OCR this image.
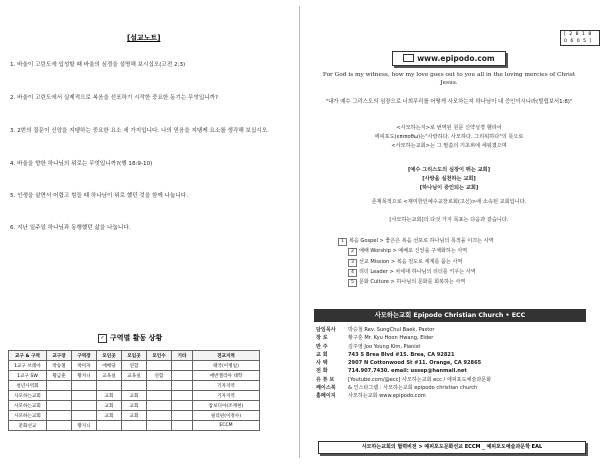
[설교노트]
1. 바울이 고린도에 입성할 때 바울의 심정을 설명해 보시십오(고전 2:3)
2. 바울이 고린도에서 실제적으로 복음을 선포하기 시작한 중요한 동기는 무엇입니까?
3. 2번의 질문이 신앙을 지탱하는 중요한 요소 세 가지입니다. 나의 믿음을 지탱케 요소를 생각해 보십시오.
4. 바울을 향한 하나님의 위로는 무엇입니까?(행 18:9-10)
5. 인생을 살면서 어렵고 힘들 때 하나님이 위로 했던 것을 함께 나눕니다.
6. 지난 일주일 하나님과 동행했던 삶을 나눕니다.
✓ 구역별 활동 상황
교구 & 구역	교구장	구역장	모인곳	모임곳	모인수	기타	전교지역
1교구 브레아	박승철	박미자	에베당	연합			태국(이병일)
1교구 SW	황금훈	황지니	교육실	교육실	연합		에반젤리아 대학
청년사역회							기자지역
사모하는교회			교회	교회			기자지역
사모하는교회			교회	교회			캄보디아(조재현)
사모하는교회			교회	교회			필리핀(이정수)
문화선교		황지니					ECCM
[ 2 8 1 8 0 6 0 5 ]
www.epipodo.com
For God is my witness, how my love goes out to you all in the loving mercies of Christ Jesus.
"내가 예수 그리스도의 심장으로 너희무리를 어떻게 사모하는지 하나님이 내 증인이시니라(빌립보서1:8)"
<사모하는지>로 번역된 원문 신약성경 헬라어
에피포도(επιποθω)는"사랑하다. 사모하다. 그리워하다"의 뜻으로
<사모하는교회>는 그 말씀의 기초위에 세워졌으며
[예수 그리스도의 심장이 뛰는 교회]
[사랑을 실천하는 교회]
[하나님이 증인되는 교회]
존재목적으로 <재미한인예수교장로회(고신)>에 소속된 교회입니다.
[사모하는교회]의 다섯 가지 목표는 다음과 같습니다.
1 복음 Gospel > 좋은은 복음 선포로 하나님의 목적을 이끄는 사역
2 예배 Worship > 예배로 신앙을 구체화하는 사역
3 선교 Mission > 복음 전도로 세계를 품는 사역
4 리더 Leader > 차세대 하나님의 리더를 키우는 사역
5 문화 Culture > 하나님의 문화를 회복하는 사역
사모하는교회 Epipodo Christian Church • ECC
담임목사 박승철 Rev. SungChul Baek, Pastor
장 로	황구훈 Mr. Kyu Hoon Hwang, Elder
반 주	김주영 Joo Young Kim, Pianist
교 회	743 S Brea Blvd #15. Brea, CA 92821
사 택	2907 N Cottonwood St #11. Orange, CA 92865
전 화	714.907.7430. email: ussep@hanmail.net
유 튜 브	[Youtube.com/@ecc] 사모하는교회 ecc / 에피포도예술과문화
페이스북 & 인스타그램 : 사모하는교회 epipodo christian church
홈페이지 사모하는교회 www.epipodo.com
사모하는교회의 협력비전 > 예피포도문화선교 ECCM _ 예피포도예술과문학 EAL
